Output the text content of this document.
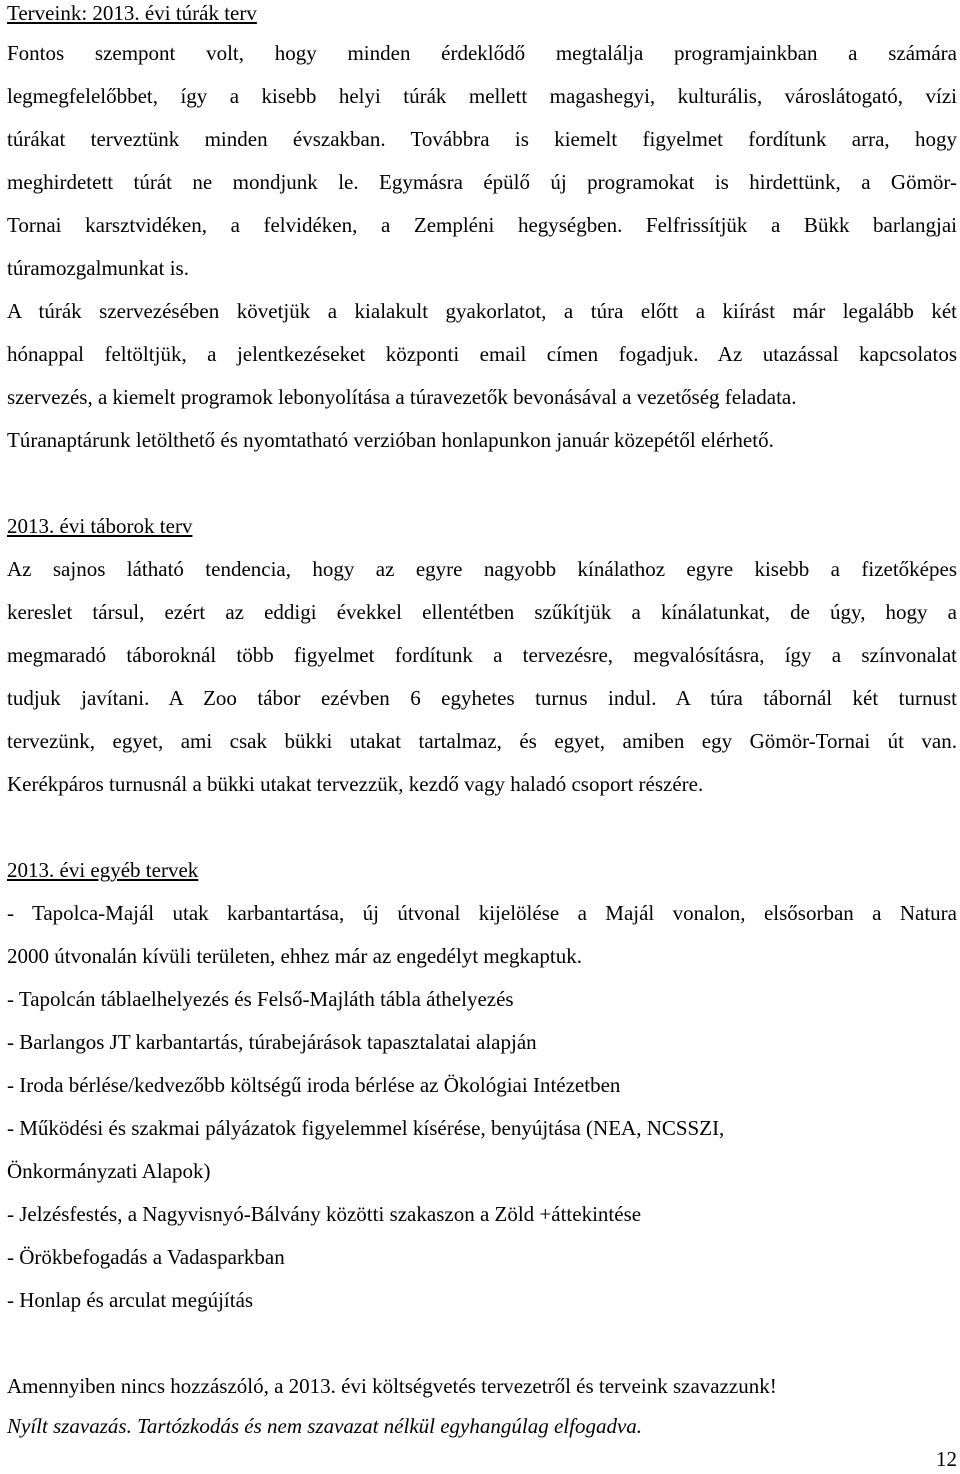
Terveink: 2013. évi túrák terv
Fontos szempont volt, hogy minden érdeklődő megtalálja programjainkban a számára
legmegfelelőbbet, így a kisebb helyi túrák mellett magashegyi, kulturális, városlátogató, vízi
túrákat terveztünk minden évszakban. Továbbra is kiemelt figyelmet fordítunk arra, hogy
meghirdetett túrát ne mondjunk le. Egymásra épülő új programokat is hirdettünk, a Gömör-
Tornai karsztvidéken, a felvidéken, a Zempléni hegységben. Felfrissítjük a Bükk barlangjai
túramozgalmunkat is.
A túrák szervezésében követjük a kialakult gyakorlatot, a túra előtt a kiírást már legalább két
hónappal feltöltjük, a jelentkezéseket központi email címen fogadjuk. Az utazással kapcsolatos
szervezés, a kiemelt programok lebonyolítása a túravezetők bevonásával a vezetőség feladata.
Túranaptárunk letölthető és nyomtatható verzióban honlapunkon január közepétől elérhető.
2013. évi táborok terv
Az sajnos látható tendencia, hogy az egyre nagyobb kínálathoz egyre kisebb a fizetőképes
kereslet társul, ezért az eddigi évekkel ellentétben szűkítjük a kínálatunkat, de úgy, hogy a
megmaradó táboroknál több figyelmet fordítunk a tervezésre, megvalósításra, így a színvonalat
tudjuk javítani. A Zoo tábor ezévben 6 egyhetes turnus indul. A túra tábornál két turnust
tervezünk, egyet, ami csak bükki utakat tartalmaz, és egyet, amiben egy Gömör-Tornai út van.
Kerékpáros turnusnál a bükki utakat tervezzük, kezdő vagy haladó csoport részére.
2013. évi egyéb tervek
- Tapolca-Majál utak karbantartása, új útvonal kijelölése a Majál vonalon, elsősorban a Natura
2000 útvonalán kívüli területen, ehhez már az engedélyt megkaptuk.
- Tapolcán táblaelhelyezés és Felső-Majláth tábla áthelyezés
- Barlangos JT karbantartás, túrabejárások tapasztalatai alapján
- Iroda bérlése/kedvezőbb költségű iroda bérlése az Ökológiai Intézetben
- Működési és szakmai pályázatok figyelemmel kísérése, benyújtása (NEA, NCSSZI,
Önkormányzati Alapok)
- Jelzésfestés, a Nagyvisnyó-Bálvány közötti szakaszon a Zöld +áttekintése
- Örökbefogadás a Vadasparkban
- Honlap és arculat megújítás
Amennyiben nincs hozzászóló, a 2013. évi költségvetés tervezetről és terveink szavazzunk!
Nyílt szavazás. Tartózkodás és nem szavazat nélkül egyhangúlag elfogadva.
12
